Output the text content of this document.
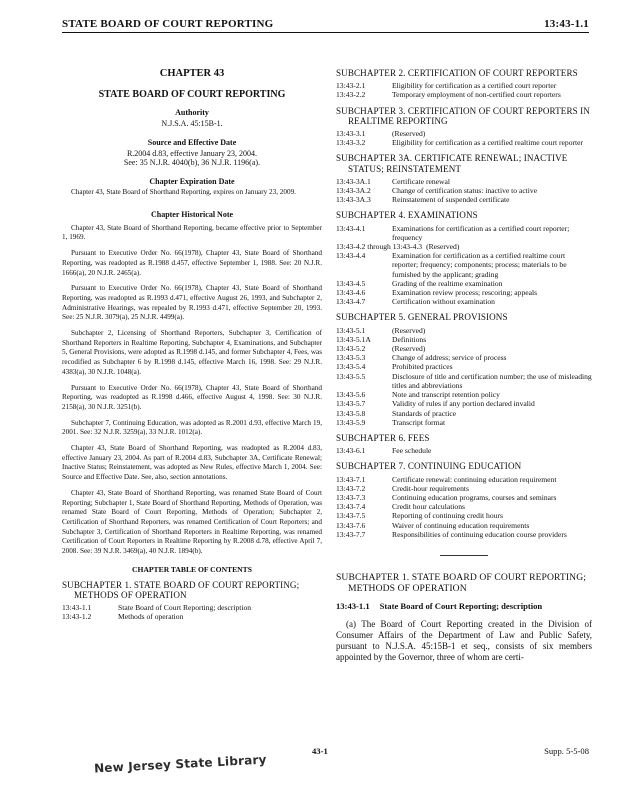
STATE BOARD OF COURT REPORTING	13:43-1.1
CHAPTER 43
STATE BOARD OF COURT REPORTING
Authority
N.J.S.A. 45:15B-1.
Source and Effective Date
R.2004 d.83, effective January 23, 2004.
See: 35 N.J.R. 4040(b), 36 N.J.R. 1196(a).
Chapter Expiration Date
Chapter 43, State Board of Shorthand Reporting, expires on January 23, 2009.
Chapter Historical Note
Chapter 43, State Board of Shorthand Reporting, became effective prior to September 1, 1969.
Pursuant to Executive Order No. 66(1978), Chapter 43, State Board of Shorthand Reporting, was readopted as R.1988 d.457, effective September 1, 1988. See: 20 N.J.R. 1666(a), 20 N.J.R. 2465(a).
Pursuant to Executive Order No. 66(1978), Chapter 43, State Board of Shorthand Reporting, was readopted as R.1993 d.471, effective August 26, 1993, and Subchapter 2, Administrative Hearings, was repealed by R.1993 d.471, effective September 20, 1993. See: 25 N.J.R. 3079(a), 25 N.J.R. 4499(a).
Subchapter 2, Licensing of Shorthand Reporters, Subchapter 3, Certification of Shorthand Reporters in Realtime Reporting, Subchapter 4, Examinations, and Subchapter 5, General Provisions, were adopted as R.1998 d.145, and former Subchapter 4, Fees, was recodified as Subchapter 6 by R.1998 d.145, effective March 16, 1998. See: 29 N.J.R. 4383(a), 30 N.J.R. 1048(a).
Pursuant to Executive Order No. 66(1978), Chapter 43, State Board of Shorthand Reporting, was readopted as R.1998 d.466, effective August 4, 1998. See: 30 N.J.R. 2158(a), 30 N.J.R. 3251(b).
Subchapter 7, Continuing Education, was adopted as R.2001 d.93, effective March 19, 2001. See: 32 N.J.R. 3259(a), 33 N.J.R. 1012(a).
Chapter 43, State Board of Shorthand Reporting, was readopted as R.2004 d.83, effective January 23, 2004. As part of R.2004 d.83, Subchapter 3A, Certificate Renewal; Inactive Status; Reinstatement, was adopted as New Rules, effective March 1, 2004. See: Source and Effective Date. See, also, section annotations.
Chapter 43, State Board of Shorthand Reporting, was renamed State Board of Court Reporting; Subchapter 1, State Board of Shorthand Reporting, Methods of Operation, was renamed State Board of Court Reporting, Methods of Operation; Subchapter 2, Certification of Shorthand Reporters, was renamed Certification of Court Reporters; and Subchapter 3, Certification of Shorthand Reporters in Realtime Reporting, was renamed Certification of Court Reporters in Realtime Reporting by R.2008 d.78, effective April 7, 2008. See: 39 N.J.R. 3469(a), 40 N.J.R. 1894(b).
CHAPTER TABLE OF CONTENTS
SUBCHAPTER 1. STATE BOARD OF COURT REPORTING; METHODS OF OPERATION
13:43-1.1	State Board of Court Reporting; description
13:43-1.2	Methods of operation
SUBCHAPTER 2. CERTIFICATION OF COURT REPORTERS
13:43-2.1	Eligibility for certification as a certified court reporter
13:43-2.2	Temporary employment of non-certified court reporters
SUBCHAPTER 3. CERTIFICATION OF COURT REPORTERS IN REALTIME REPORTING
13:43-3.1	(Reserved)
13:43-3.2	Eligibility for certification as a certified realtime court reporter
SUBCHAPTER 3A. CERTIFICATE RENEWAL; INACTIVE STATUS; REINSTATEMENT
13:43-3A.1	Certificate renewal
13:43-3A.2	Change of certification status: inactive to active
13:43-3A.3	Reinstatement of suspended certificate
SUBCHAPTER 4. EXAMINATIONS
13:43-4.1	Examinations for certification as a certified court reporter; frequency
13:43-4.2 through 13:43-4.3 (Reserved)
13:43-4.4	Examination for certification as a certified realtime court reporter; frequency; components; process; materials to be furnished by the applicant; grading
13:43-4.5	Grading of the realtime examination
13:43-4.6	Examination review process; rescoring; appeals
13:43-4.7	Certification without examination
SUBCHAPTER 5. GENERAL PROVISIONS
13:43-5.1	(Reserved)
13:43-5.1A	Definitions
13:43-5.2	(Reserved)
13:43-5.3	Change of address; service of process
13:43-5.4	Prohibited practices
13:43-5.5	Disclosure of title and certification number; the use of misleading titles and abbreviations
13:43-5.6	Note and transcript retention policy
13:43-5.7	Validity of rules if any portion declared invalid
13:43-5.8	Standards of practice
13:43-5.9	Transcript format
SUBCHAPTER 6. FEES
13:43-6.1	Fee schedule
SUBCHAPTER 7. CONTINUING EDUCATION
13:43-7.1	Certificate renewal: continuing education requirement
13:43-7.2	Credit-hour requirements
13:43-7.3	Continuing education programs, courses and seminars
13:43-7.4	Credit hour calculations
13:43-7.5	Reporting of continuing credit hours
13:43-7.6	Waiver of continuing education requirements
13:43-7.7	Responsibilities of continuing education course providers
SUBCHAPTER 1. STATE BOARD OF COURT REPORTING; METHODS OF OPERATION
13:43-1.1 State Board of Court Reporting; description
(a) The Board of Court Reporting created in the Division of Consumer Affairs of the Department of Law and Public Safety, pursuant to N.J.S.A. 45:15B-1 et seq., consists of six members appointed by the Governor, three of whom are certi-
43-1	Supp. 5-5-08
New Jersey State Library
